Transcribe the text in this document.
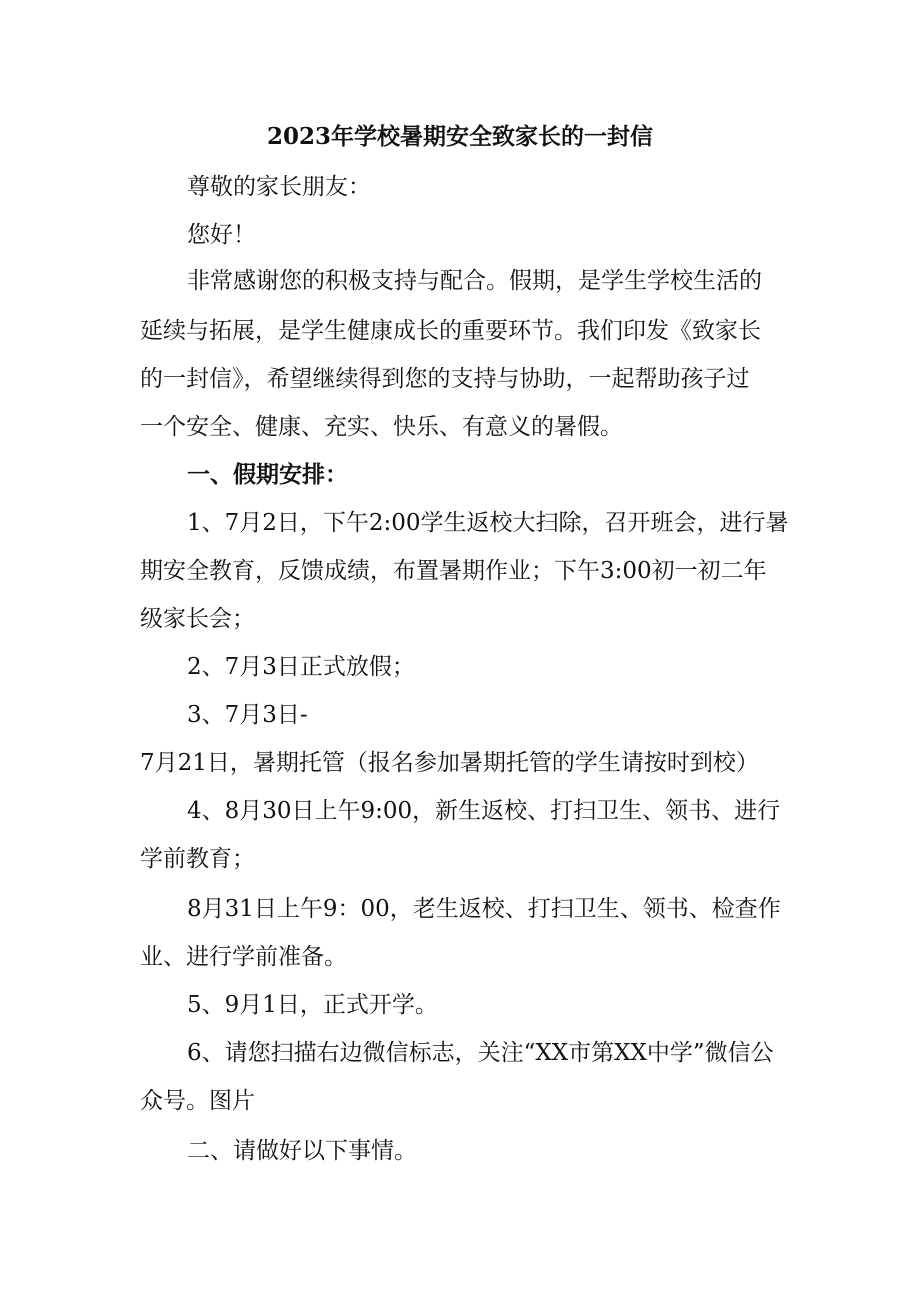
2023年学校暑期安全致家长的一封信
尊敬的家长朋友：
您好！
非常感谢您的积极支持与配合。假期，是学生学校生活的
延续与拓展，是学生健康成长的重要环节。我们印发《致家长
的一封信》，希望继续得到您的支持与协助，一起帮助孩子过
一个安全、健康、充实、快乐、有意义的暑假。
一、假期安排：
1、7月2日，下午2:00学生返校大扫除，召开班会，进行暑
期安全教育，反馈成绩，布置暑期作业；下午3:00初一初二年
级家长会；
2、7月3日正式放假；
3、7月3日-
7月21日，暑期托管（报名参加暑期托管的学生请按时到校）
4、8月30日上午9:00，新生返校、打扫卫生、领书、进行
学前教育；
8月31日上午9：00，老生返校、打扫卫生、领书、检查作
业、进行学前准备。
5、9月1日，正式开学。
6、请您扫描右边微信标志，关注“XX市第XX中学”微信公
众号。图片
二、请做好以下事情。
